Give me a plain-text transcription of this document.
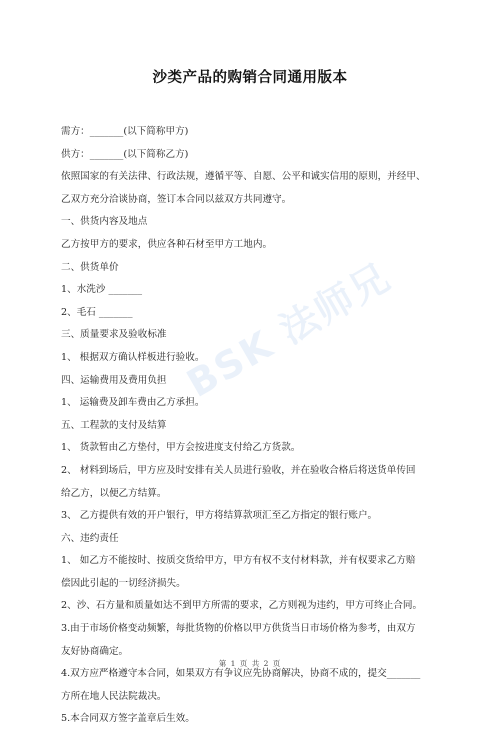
沙类产品的购销合同通用版本
需方：_______(以下简称甲方)
供方：_______(以下简称乙方)
依照国家的有关法律、行政法规，遵循平等、自愿、公平和诚实信用的原则，并经甲、
乙双方充分洽谈协商，签订本合同以兹双方共同遵守。
一、供货内容及地点
乙方按甲方的要求，供应各种石材至甲方工地内。
二、供货单价
1、水洗沙 _______
2、毛石 _______
三、质量要求及验收标准
1、 根据双方确认样板进行验收。
四、运输费用及费用负担
1、 运输费及卸车费由乙方承担。
五、工程款的支付及结算
1、 货款暂由乙方垫付，甲方会按进度支付给乙方货款。
2、 材料到场后，甲方应及时安排有关人员进行验收，并在验收合格后将送货单传回
给乙方，以便乙方结算。
3、 乙方提供有效的开户银行，甲方将结算款项汇至乙方指定的银行账户。
六、违约责任
1、 如乙方不能按时、按质交货给甲方，甲方有权不支付材料款，并有权要求乙方赔
偿因此引起的一切经济损失。
2、沙、石方量和质量如达不到甲方所需的要求，乙方则视为违约，甲方可终止合同。
3.由于市场价格变动频繁，每批货物的价格以甲方供货当日市场价格为参考，由双方
友好协商确定。
4.双方应严格遵守本合同，如果双方有争议应先协商解决，协商不成的，提交_______
方所在地人民法院裁决。
5.本合同双方签字盖章后生效。
BSK 法师兄
第 1 页 共 2 页
